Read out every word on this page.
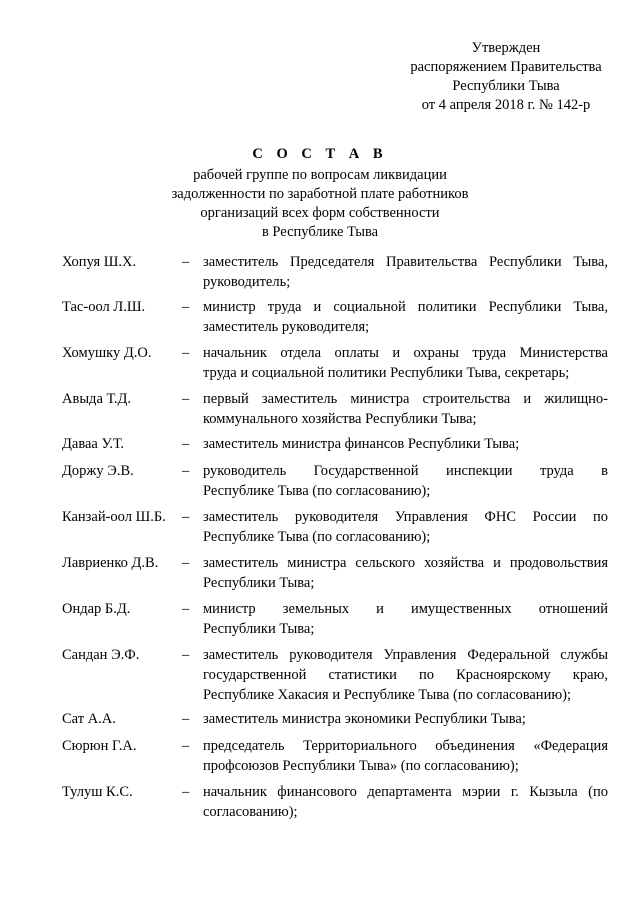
Утвержден
распоряжением Правительства
Республики Тыва
от 4 апреля 2018 г. № 142-р
С О С Т А В
рабочей группе по вопросам ликвидации
задолженности по заработной плате работников
организаций всех форм собственности
в Республике Тыва
Хопуя Ш.Х.	– заместитель Председателя Правительства Республики Тыва,
руководитель;
Тас-оол Л.Ш.	– министр труда и социальной политики Республики Тыва,
заместитель руководителя;
Хомушку Д.О. – начальник отдела оплаты и охраны труда Министерства
труда и социальной политики Республики Тыва, секретарь;
Авыда Т.Д.	– первый заместитель министра строительства и жилищно-
коммунального хозяйства Республики Тыва;
Даваа У.Т.	– заместитель министра финансов Республики Тыва;
Доржу Э.В.	– руководитель Государственной инспекции труда в
Республике Тыва (по согласованию);
Канзай-оол Ш.Б. – заместитель руководителя Управления ФНС России по
Республике Тыва (по согласованию);
Лавриенко Д.В. – заместитель министра сельского хозяйства и продовольствия
Республики Тыва;
Ондар Б.Д.	– министр земельных и имущественных отношений
Республики Тыва;
Сандан Э.Ф.	– заместитель руководителя Управления Федеральной службы
государственной статистики по Красноярскому краю,
Республике Хакасия и Республике Тыва (по согласованию);
Сат А.А.	– заместитель министра экономики Республики Тыва;
Сюрюн Г.А.	– председатель Территориального объединения «Федерация
профсоюзов Республики Тыва» (по согласованию);
Тулуш К.С.	– начальник финансового департамента мэрии г. Кызыла (по
согласованию);
